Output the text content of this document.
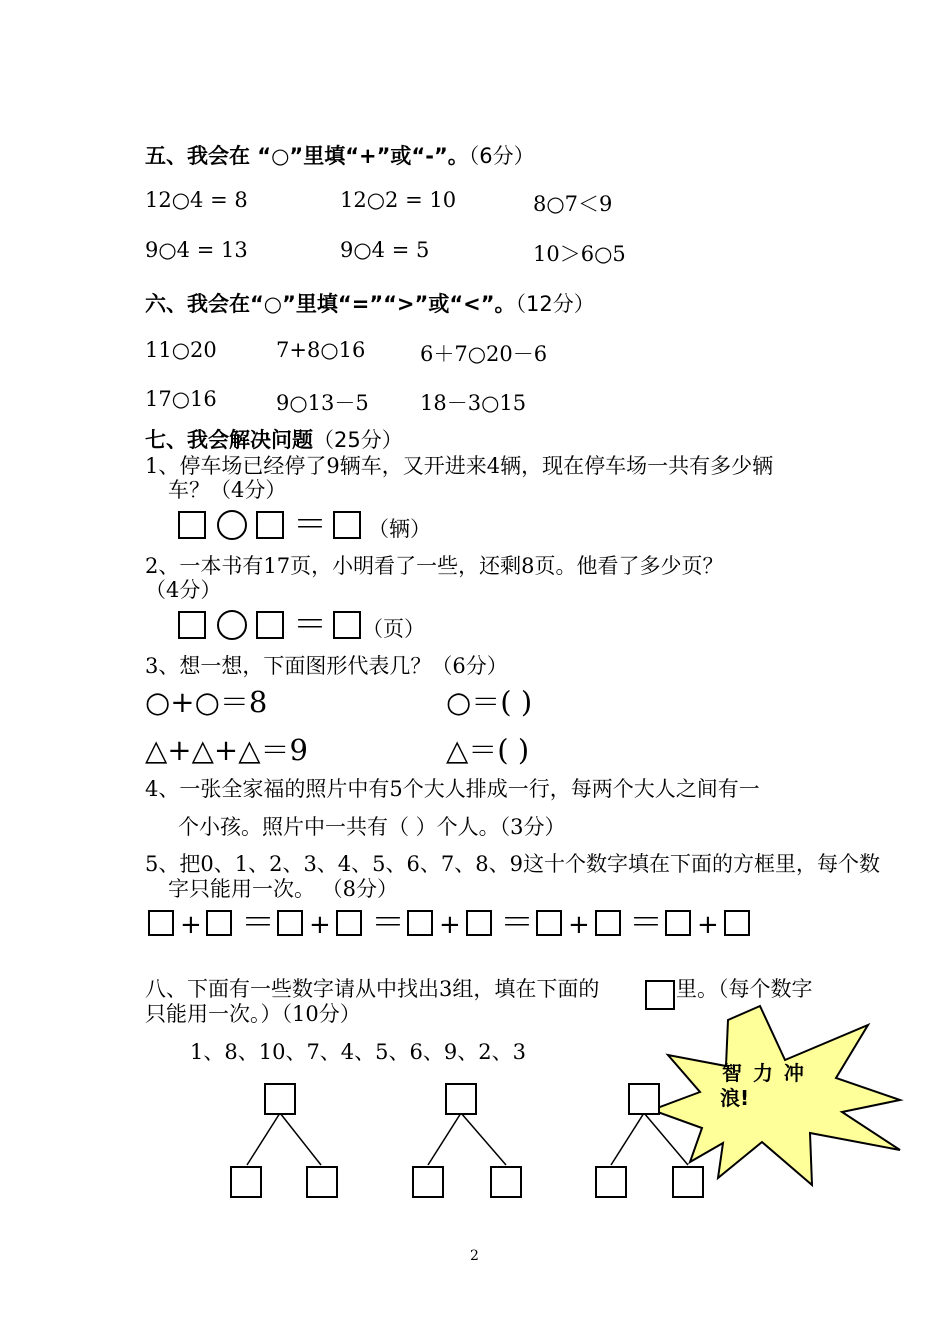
五、我会在 “○”里填“+”或“-”。（6分）
12○4 = 8	12○2 = 10	8○7＜9
9○4 = 13	9○4 = 5	10＞6○5
六、我会在“○”里填“=”“>”或“<”。（12分）
11○20	7+8○16	6＋7○20－6
17○16	9○13－5 18－3○15
七、我会解决问题（25分）
1、停车场已经停了9辆车，又开进来4辆，现在停车场一共有多少辆
车？（4分）
＝ （辆）
2、一本书有17页，小明看了一些，还剩8页。他看了多少页？
（4分）
＝ （页）
3、想一想，下面图形代表几？（6分）
○+○＝8	○＝( )
△+△+△＝9	△＝( )
4、一张全家福的照片中有5个大人排成一行，每两个大人之间有一
个小孩。照片中一共有（ ）个人。（3分）
5、把0、1、2、3、4、5、6、7、8、9这十个数字填在下面的方框里，每个数
字只能用一次。 （8分）
+ ＝ + ＝ + ＝ + ＝ +
八、下面有一些数字请从中找出3组，填在下面的	里。（每个数字
只能用一次。）（10分）
1、8、10、7、4、5、6、9、2、3
智 力 冲
浪!
2
